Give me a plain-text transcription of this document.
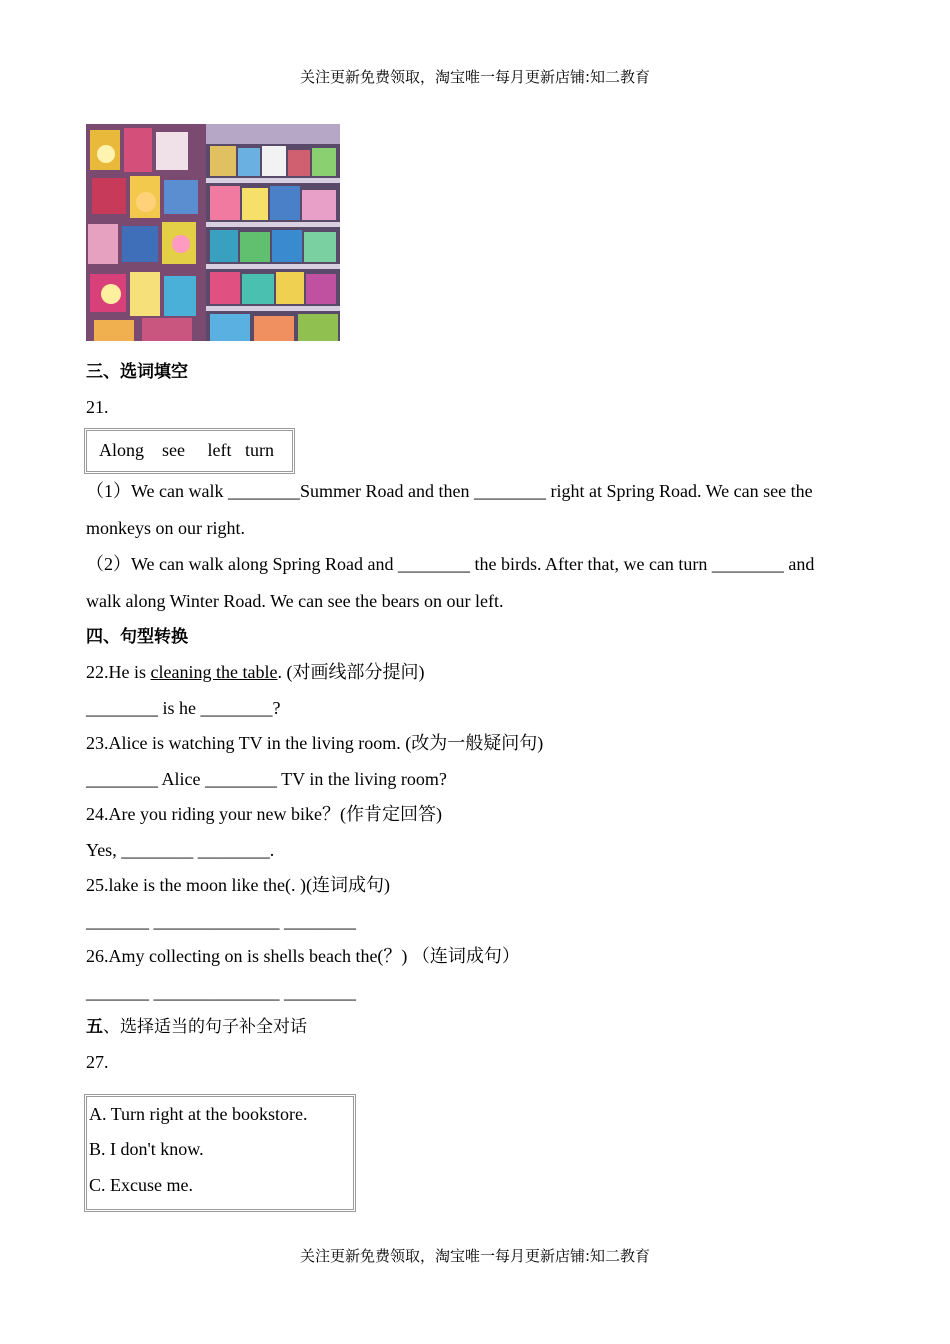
关注更新免费领取，淘宝唯一每月更新店铺:知二教育
三、选词填空
21.
Along    see     left   turn
（1）We can walk ________Summer Road and then ________ right at Spring Road. We can see the
monkeys on our right.
（2）We can walk along Spring Road and ________ the birds. After that, we can turn ________ and
walk along Winter Road. We can see the bears on our left.
四、句型转换
22.He is cleaning the table. (对画线部分提问)
________ is he ________?
23.Alice is watching TV in the living room. (改为一般疑问句)
________ Alice ________ TV in the living room?
24.Are you riding your new bike？(作肯定回答)
Yes, ________ ________.
25.lake is the moon like the(. )(连词成句)
_______ ______________ ________
26.Amy collecting on is shells beach the(？) （连词成句）
_______ ______________ ________
五、选择适当的句子补全对话
27.
A. Turn right at the bookstore.
B. I don't know.
C. Excuse me.
关注更新免费领取，淘宝唯一每月更新店铺:知二教育
